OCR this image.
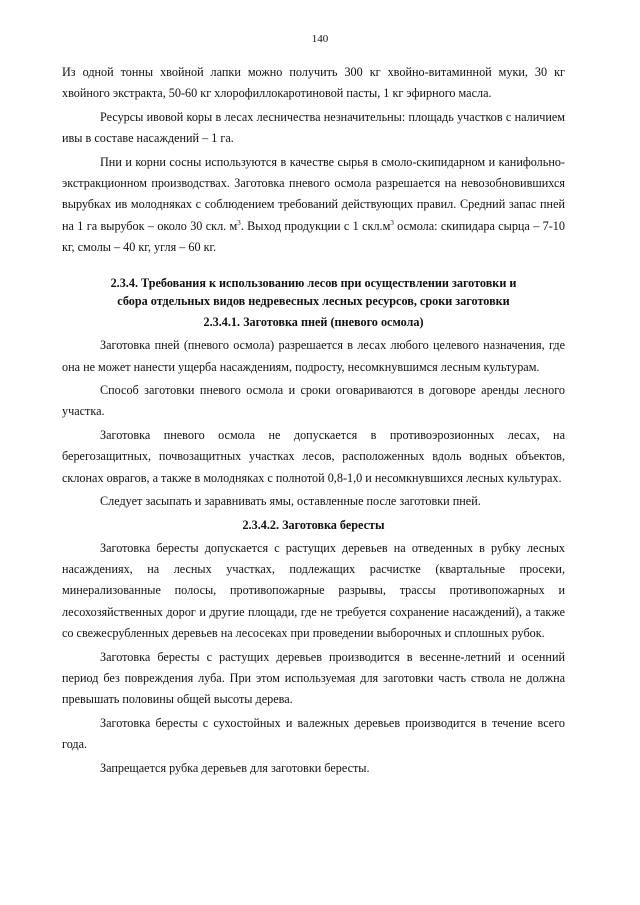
140

Из одной тонны хвойной лапки можно получить 300 кг хвойно-витаминной муки, 30 кг хвойного экстракта, 50-60 кг хлорофиллокаротиновой пасты, 1 кг эфирного масла.

Ресурсы ивовой коры в лесах лесничества незначительны: площадь участков с наличием ивы в составе насаждений – 1 га.

Пни и корни сосны используются в качестве сырья в смоло-скипидарном и канифольно-экстракционном производствах. Заготовка пневого осмола разрешается на невозобновившихся вырубках ив молодняках с соблюдением требований действующих правил. Средний запас пней на 1 га вырубок – около 30 скл. $м^3$. Выход продукции с 1 $скл.м^3$ осмола: скипидара сырца – 7-10 кг, смолы – 40 кг, угля – 60 кг.

2.3.4. Требования к использованию лесов при осуществлении заготовки и
сбора отдельных видов недревесных лесных ресурсов, сроки заготовки
2.3.4.1. Заготовка пней (пневого осмола)

Заготовка пней (пневого осмола) разрешается в лесах любого целевого назначения, где она не может нанести ущерба насаждениям, подросту, несомкнувшимся лесным культурам.

Способ заготовки пневого осмола и сроки оговариваются в договоре аренды лесного участка.

Заготовка пневого осмола не допускается в противоэрозионных лесах, на берегозащитных, почвозащитных участках лесов, расположенных вдоль водных объектов, склонах оврагов, а также в молодняках с полнотой 0,8-1,0 и несомкнувшихся лесных культурах.

Следует засыпать и заравнивать ямы, оставленные после заготовки пней.

2.3.4.2. Заготовка бересты

Заготовка бересты допускается с растущих деревьев на отведенных в рубку лесных насаждениях, на лесных участках, подлежащих расчистке (квартальные просеки, минерализованные полосы, противопожарные разрывы, трассы противопожарных и лесохозяйственных дорог и другие площади, где не требуется сохранение насаждений), а также со свежесрубленных деревьев на лесосеках при проведении выборочных и сплошных рубок.

Заготовка бересты с растущих деревьев производится в весенне-летний и осенний период без повреждения луба. При этом используемая для заготовки часть ствола не должна превышать половины общей высоты дерева.

Заготовка бересты с сухостойных и валежных деревьев производится в течение всего года.

Запрещается рубка деревьев для заготовки бересты.
